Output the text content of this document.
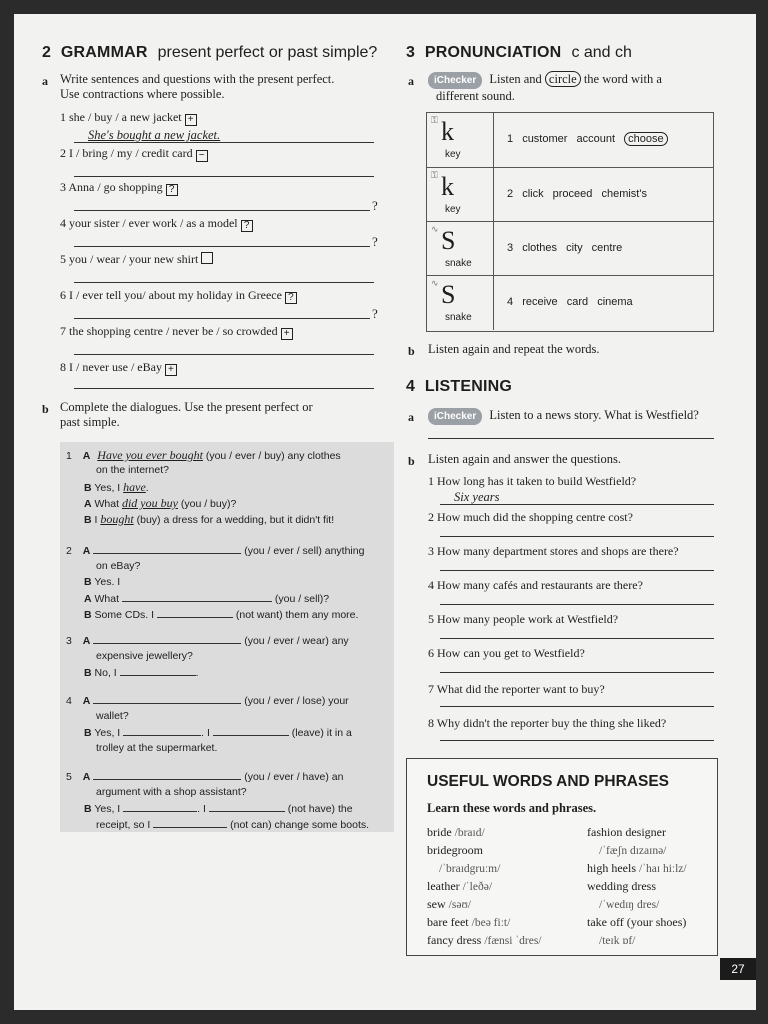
2 GRAMMAR present perfect or past simple?
a Write sentences and questions with the present perfect.
Use contractions where possible.
1 she / buy / a new jacket +
She's bought a new jacket.
2 I / bring / my / credit card −
3 Anna / go shopping ?
?
4 your sister / ever work / as a model ?
?
5 you / wear / your new shirt
6 I / ever tell you/ about my holiday in Greece ?
?
7 the shopping centre / never be / so crowded +
8 I / never use / eBay +
b Complete the dialogues. Use the present perfect or
past simple.
1 A Have you ever bought (you / ever / buy) any clothes
on the internet?
B Yes, I have.
A What did you buy (you / buy)?
B I bought (buy) a dress for a wedding, but it didn't fit!
2 A	(you / ever / sell) anything
on eBay?
B Yes. I
A What	(you / sell)?
B Some CDs. I	(not want) them any more.
3 A	(you / ever / wear) any
expensive jewellery?
B No, I	.
4 A	(you / ever / lose) your
wallet?
B Yes, I	. I	(leave) it in a
trolley at the supermarket.
5 A	(you / ever / have) an
argument with a shop assistant?
B Yes, I	. I	(not have) the
receipt, so I	(not can) change some boots.
3 PRONUNCIATION c and ch
a	iChecker Listen and circle the word with a
different sound.
⚿ k
key
1 customer account choose
⚿ k
key
2 click proceed chemist's
∿ S
snake
3 clothes city centre
∿ S
snake
4 receive card cinema
b Listen again and repeat the words.
4 LISTENING
a	iChecker Listen to a news story. What is Westfield?
b Listen again and answer the questions.
1 How long has it taken to build Westfield?
Six years
2 How much did the shopping centre cost?
3 How many department stores and shops are there?
4 How many cafés and restaurants are there?
5 How many people work at Westfield?
6 How can you get to Westfield?
7 What did the reporter want to buy?
8 Why didn't the reporter buy the thing she liked?
USEFUL WORDS AND PHRASES
Learn these words and phrases.
bride /braɪd/
bridegroom
/ˈbraɪdgruːm/
leather /ˈleðə/
sew /səʊ/
bare feet /beə fiːt/
fancy dress /fænsi ˈdres/
fashion designer
/ˈfæʃn dɪzaɪnə/
high heels /ˈhaɪ hiːlz/
wedding dress
/ˈwedɪŋ dres/
take off (your shoes)
/teɪk ɒf/
27
